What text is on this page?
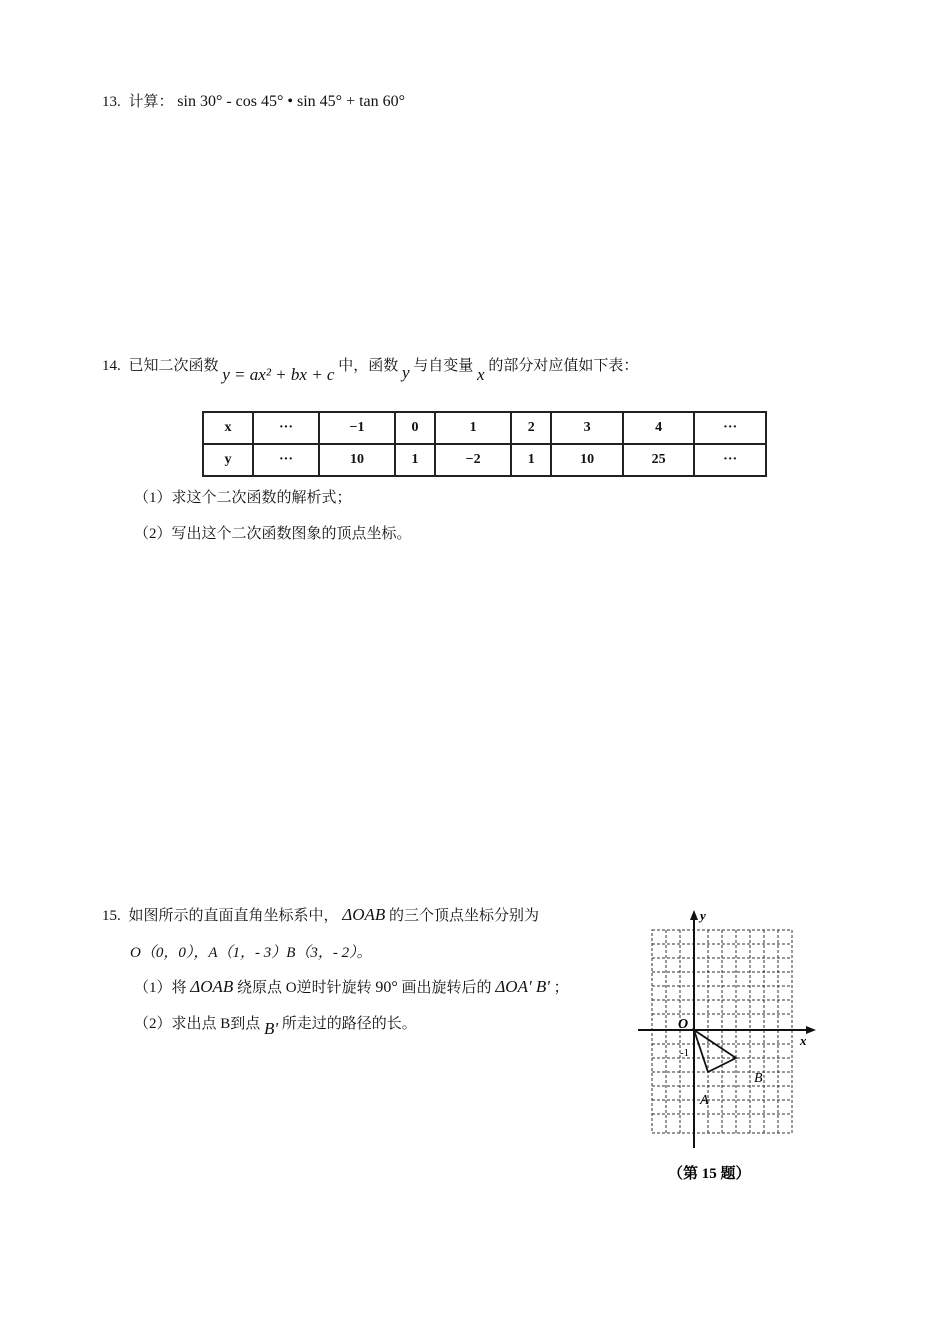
13. 计算： sin 30° - cos 45° • sin 45° + tan 60°
14. 已知二次函数 y = ax² + bx + c 中，函数 y 与自变量 x 的部分对应值如下表：
x	···	−1	0	1	2	3	4	···
y	···	10	1	−2	1	10	25	···
（1）求这个二次函数的解析式；
（2）写出这个二次函数图象的顶点坐标。
15. 如图所示的直面直角坐标系中， ΔOAB 的三个顶点坐标分别为
O（0，0），A（1，- 3）B（3，- 2）。
（1）将 ΔOAB 绕原点 O逆时针旋转 90° 画出旋转后的 ΔOA' B' ；
（2）求出点 B到点 B' 所走过的路径的长。
y
x
O
-1
A
B
（第 15 题）
